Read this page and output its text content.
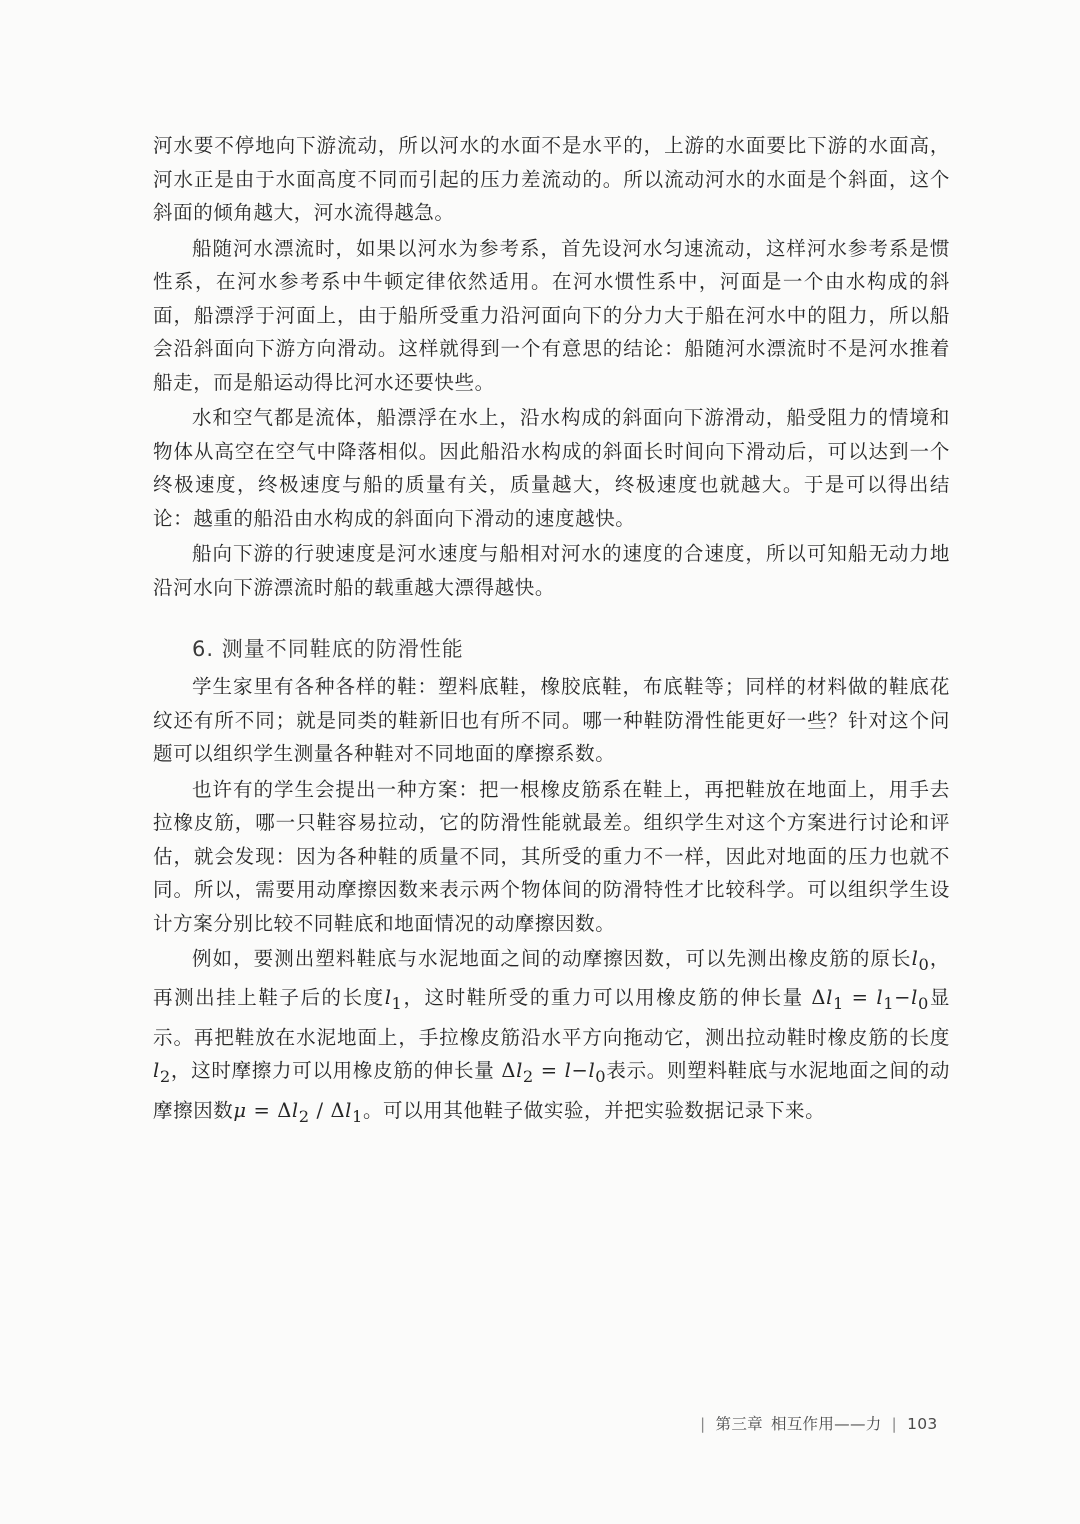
河水要不停地向下游流动，所以河水的水面不是水平的，上游的水面要比下游的水面高，河水正是由于水面高度不同而引起的压力差流动的。所以流动河水的水面是个斜面，这个斜面的倾角越大，河水流得越急。

船随河水漂流时，如果以河水为参考系，首先设河水匀速流动，这样河水参考系是惯性系，在河水参考系中牛顿定律依然适用。在河水惯性系中，河面是一个由水构成的斜面，船漂浮于河面上，由于船所受重力沿河面向下的分力大于船在河水中的阻力，所以船会沿斜面向下游方向滑动。这样就得到一个有意思的结论：船随河水漂流时不是河水推着船走，而是船运动得比河水还要快些。

水和空气都是流体，船漂浮在水上，沿水构成的斜面向下游滑动，船受阻力的情境和物体从高空在空气中降落相似。因此船沿水构成的斜面长时间向下滑动后，可以达到一个终极速度，终极速度与船的质量有关，质量越大，终极速度也就越大。于是可以得出结论：越重的船沿由水构成的斜面向下滑动的速度越快。

船向下游的行驶速度是河水速度与船相对河水的速度的合速度，所以可知船无动力地沿河水向下游漂流时船的载重越大漂得越快。

6. 测量不同鞋底的防滑性能

学生家里有各种各样的鞋：塑料底鞋，橡胶底鞋，布底鞋等；同样的材料做的鞋底花纹还有所不同；就是同类的鞋新旧也有所不同。哪一种鞋防滑性能更好一些？针对这个问题可以组织学生测量各种鞋对不同地面的摩擦系数。

也许有的学生会提出一种方案：把一根橡皮筋系在鞋上，再把鞋放在地面上，用手去拉橡皮筋，哪一只鞋容易拉动，它的防滑性能就最差。组织学生对这个方案进行讨论和评估，就会发现：因为各种鞋的质量不同，其所受的重力不一样，因此对地面的压力也就不同。所以，需要用动摩擦因数来表示两个物体间的防滑特性才比较科学。可以组织学生设计方案分别比较不同鞋底和地面情况的动摩擦因数。

例如，要测出塑料鞋底与水泥地面之间的动摩擦因数，可以先测出橡皮筋的原长$l_0$，再测出挂上鞋子后的长度$l_1$，这时鞋所受的重力可以用橡皮筋的伸长量 $\Delta l_1 = l_1-l_0$显示。再把鞋放在水泥地面上，手拉橡皮筋沿水平方向拖动它，测出拉动鞋时橡皮筋的长度$l_2$，这时摩擦力可以用橡皮筋的伸长量 $\Delta l_2 = l-l_0$表示。则塑料鞋底与水泥地面之间的动摩擦因数$\mu = \Delta l_2 / \Delta l_1$。可以用其他鞋子做实验，并把实验数据记录下来。

| 第三章 相互作用——力 | 103
